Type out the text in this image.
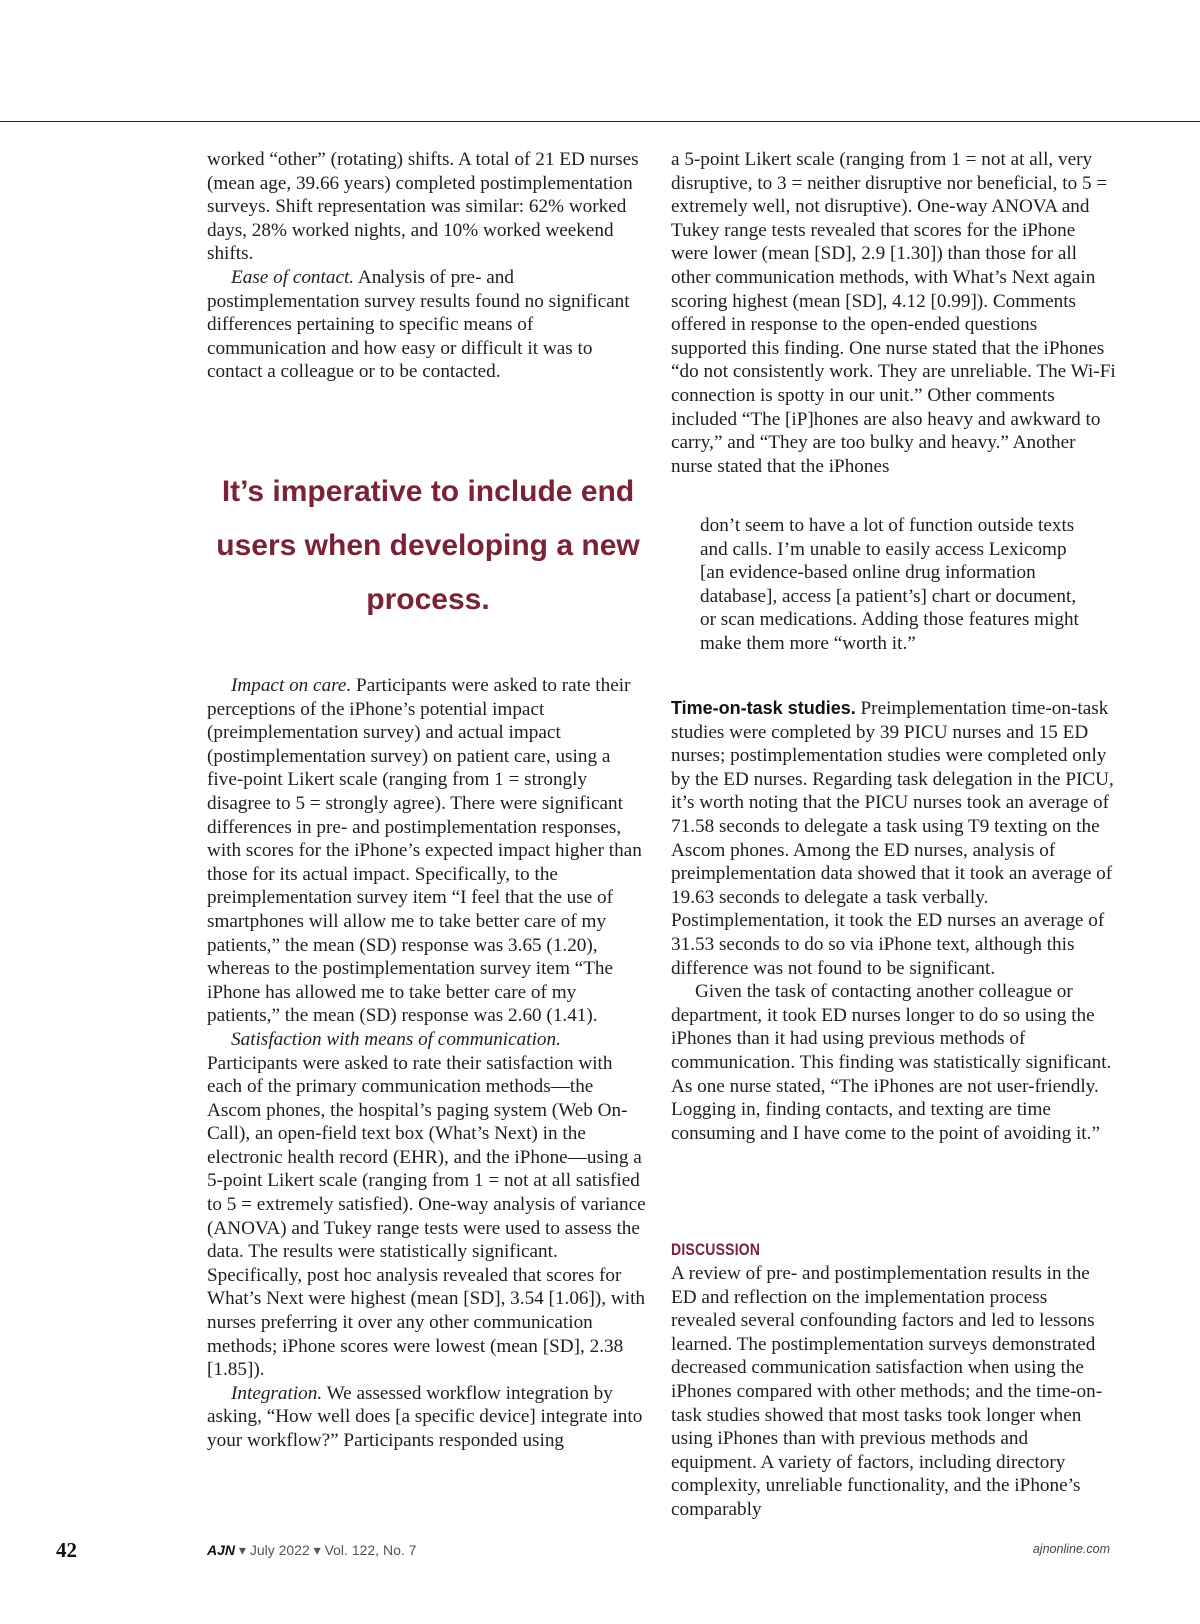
worked “other” (rotating) shifts. A total of 21 ED nurses (mean age, 39.66 years) completed postimplementation surveys. Shift representation was similar: 62% worked days, 28% worked nights, and 10% worked weekend shifts.

Ease of contact. Analysis of pre- and postimplementation survey results found no significant differences pertaining to specific means of communication and how easy or difficult it was to contact a colleague or to be contacted.

It’s imperative to include end users when developing a new process.

Impact on care. Participants were asked to rate their perceptions of the iPhone’s potential impact (preimplementation survey) and actual impact (postimplementation survey) on patient care, using a five-point Likert scale (ranging from 1 = strongly disagree to 5 = strongly agree). There were significant differences in pre- and postimplementation responses, with scores for the iPhone’s expected impact higher than those for its actual impact. Specifically, to the preimplementation survey item “I feel that the use of smartphones will allow me to take better care of my patients,” the mean (SD) response was 3.65 (1.20), whereas to the postimplementation survey item “The iPhone has allowed me to take better care of my patients,” the mean (SD) response was 2.60 (1.41).

Satisfaction with means of communication. Participants were asked to rate their satisfaction with each of the primary communication methods—the Ascom phones, the hospital’s paging system (Web On-Call), an open-field text box (What’s Next) in the electronic health record (EHR), and the iPhone—using a 5-point Likert scale (ranging from 1 = not at all satisfied to 5 = extremely satisfied). One-way analysis of variance (ANOVA) and Tukey range tests were used to assess the data. The results were statistically significant. Specifically, post hoc analysis revealed that scores for What’s Next were highest (mean [SD], 3.54 [1.06]), with nurses preferring it over any other communication methods; iPhone scores were lowest (mean [SD], 2.38 [1.85]).

Integration. We assessed workflow integration by asking, “How well does [a specific device] integrate into your workflow?” Participants responded using

a 5-point Likert scale (ranging from 1 = not at all, very disruptive, to 3 = neither disruptive nor beneficial, to 5 = extremely well, not disruptive). One-way ANOVA and Tukey range tests revealed that scores for the iPhone were lower (mean [SD], 2.9 [1.30]) than those for all other communication methods, with What’s Next again scoring highest (mean [SD], 4.12 [0.99]). Comments offered in response to the open-ended questions supported this finding. One nurse stated that the iPhones “do not consistently work. They are unreliable. The Wi-Fi connection is spotty in our unit.” Other comments included “The [iP]hones are also heavy and awkward to carry,” and “They are too bulky and heavy.” Another nurse stated that the iPhones

don’t seem to have a lot of function outside texts and calls. I’m unable to easily access Lexicomp [an evidence-based online drug information database], access [a patient’s] chart or document, or scan medications. Adding those features might make them more “worth it.”

Time-on-task studies. Preimplementation time-on-task studies were completed by 39 PICU nurses and 15 ED nurses; postimplementation studies were completed only by the ED nurses. Regarding task delegation in the PICU, it’s worth noting that the PICU nurses took an average of 71.58 seconds to delegate a task using T9 texting on the Ascom phones. Among the ED nurses, analysis of preimplementation data showed that it took an average of 19.63 seconds to delegate a task verbally. Postimplementation, it took the ED nurses an average of 31.53 seconds to do so via iPhone text, although this difference was not found to be significant.

Given the task of contacting another colleague or department, it took ED nurses longer to do so using the iPhones than it had using previous methods of communication. This finding was statistically significant. As one nurse stated, “The iPhones are not user-friendly. Logging in, finding contacts, and texting are time consuming and I have come to the point of avoiding it.”

DISCUSSION

A review of pre- and postimplementation results in the ED and reflection on the implementation process revealed several confounding factors and led to lessons learned. The postimplementation surveys demonstrated decreased communication satisfaction when using the iPhones compared with other methods; and the time-on-task studies showed that most tasks took longer when using iPhones than with previous methods and equipment. A variety of factors, including directory complexity, unreliable functionality, and the iPhone’s comparably

42	AJN ▾ July 2022 ▾ Vol. 122, No. 7	ajnonline.com
